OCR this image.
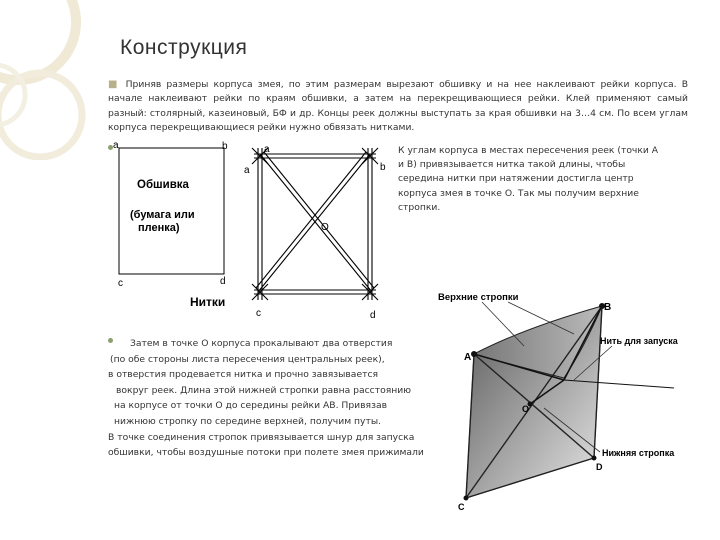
Конструкция
■ Приняв размеры корпуса змея, по этим размерам вырезают обшивку и на нее наклеивают рейки корпуса. В начале наклеивают рейки по краям обшивки, а затем на перекрещивающиеся рейки. Клей применяют самый разный: столярный, казеиновый, БФ и др. Концы реек должны выступать за края обшивки на 3…4 см. По всем углам корпуса перекрещивающиеся рейки нужно обвязать нитками.
К углам корпуса в местах пересечения реек (точки А и В) привязывается нитка такой длины, чтобы середина нитки при натяжении достигла центр корпуса змея в точке О. Так мы получим верхние стропки.
Затем в точке О корпуса прокалывают два отверстия
(по обе стороны листа пересечения центральных реек),
в отверстия продевается нитка и прочно завязывается
вокруг реек. Длина этой нижней стропки равна расстоянию
на корпусе от точки О до середины рейки АВ. Привязав
нижнюю стропку по середине верхней, получим путы.
В точке соединения стропок привязывается шнур для запуска
обшивки, чтобы воздушные потоки при полете змея прижимали
a	b
c	d
Обшивка
(бумага или
пленка)
Нитки
a
a	b
c	d
O
Верхние стропки
Нить для запуска
Нижняя стропка
A
B
O
D
C
